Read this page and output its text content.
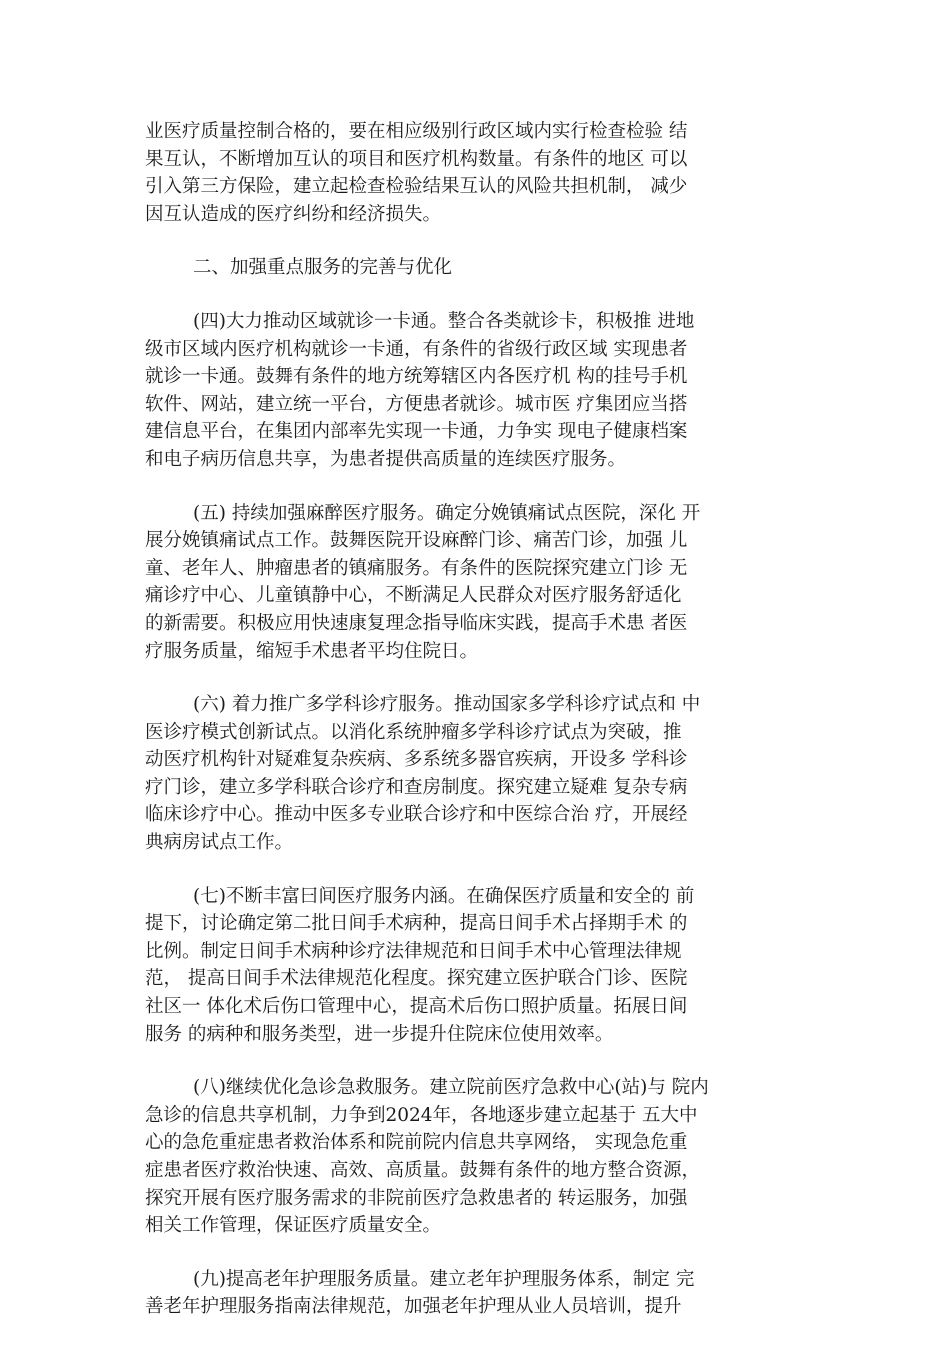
业医疗质量控制合格的，要在相应级别行政区域内实行检查检验 结
果互认，不断增加互认的项目和医疗机构数量。有条件的地区 可以
引入第三方保险，建立起检查检验结果互认的风险共担机制， 减少
因互认造成的医疗纠纷和经济损失。
二、加强重点服务的完善与优化
(四)大力推动区域就诊一卡通。整合各类就诊卡，积极推 进地
级市区域内医疗机构就诊一卡通，有条件的省级行政区域 实现患者
就诊一卡通。鼓舞有条件的地方统筹辖区内各医疗机 构的挂号手机
软件、网站，建立统一平台，方便患者就诊。城市医 疗集团应当搭
建信息平台，在集团内部率先实现一卡通，力争实 现电子健康档案
和电子病历信息共享，为患者提供高质量的连续医疗服务。
(五) 持续加强麻醉医疗服务。确定分娩镇痛试点医院，深化 开
展分娩镇痛试点工作。鼓舞医院开设麻醉门诊、痛苦门诊，加强 儿
童、老年人、肿瘤患者的镇痛服务。有条件的医院探究建立门诊 无
痛诊疗中心、儿童镇静中心，不断满足人民群众对医疗服务舒适化
的新需要。积极应用快速康复理念指导临床实践，提高手术患 者医
疗服务质量，缩短手术患者平均住院日。
(六) 着力推广多学科诊疗服务。推动国家多学科诊疗试点和 中
医诊疗模式创新试点。以消化系统肿瘤多学科诊疗试点为突破，推
动医疗机构针对疑难复杂疾病、多系统多器官疾病，开设多 学科诊
疗门诊，建立多学科联合诊疗和查房制度。探究建立疑难 复杂专病
临床诊疗中心。推动中医多专业联合诊疗和中医综合治 疗，开展经
典病房试点工作。
(七)不断丰富曰间医疗服务内涵。在确保医疗质量和安全的 前
提下，讨论确定第二批日间手术病种，提高日间手术占择期手术 的
比例。制定日间手术病种诊疗法律规范和日间手术中心管理法律规
范， 提高日间手术法律规范化程度。探究建立医护联合门诊、医院
社区一 体化术后伤口管理中心，提高术后伤口照护质量。拓展日间
服务 的病种和服务类型，进一步提升住院床位使用效率。
(八)继续优化急诊急救服务。建立院前医疗急救中心(站)与 院内
急诊的信息共享机制，力争到2024年，各地逐步建立起基于 五大中
心的急危重症患者救治体系和院前院内信息共享网络， 实现急危重
症患者医疗救治快速、高效、高质量。鼓舞有条件的地方整合资源，
探究开展有医疗服务需求的非院前医疗急救患者的 转运服务，加强
相关工作管理，保证医疗质量安全。
(九)提高老年护理服务质量。建立老年护理服务体系，制定 完
善老年护理服务指南法律规范，加强老年护理从业人员培训，提升
